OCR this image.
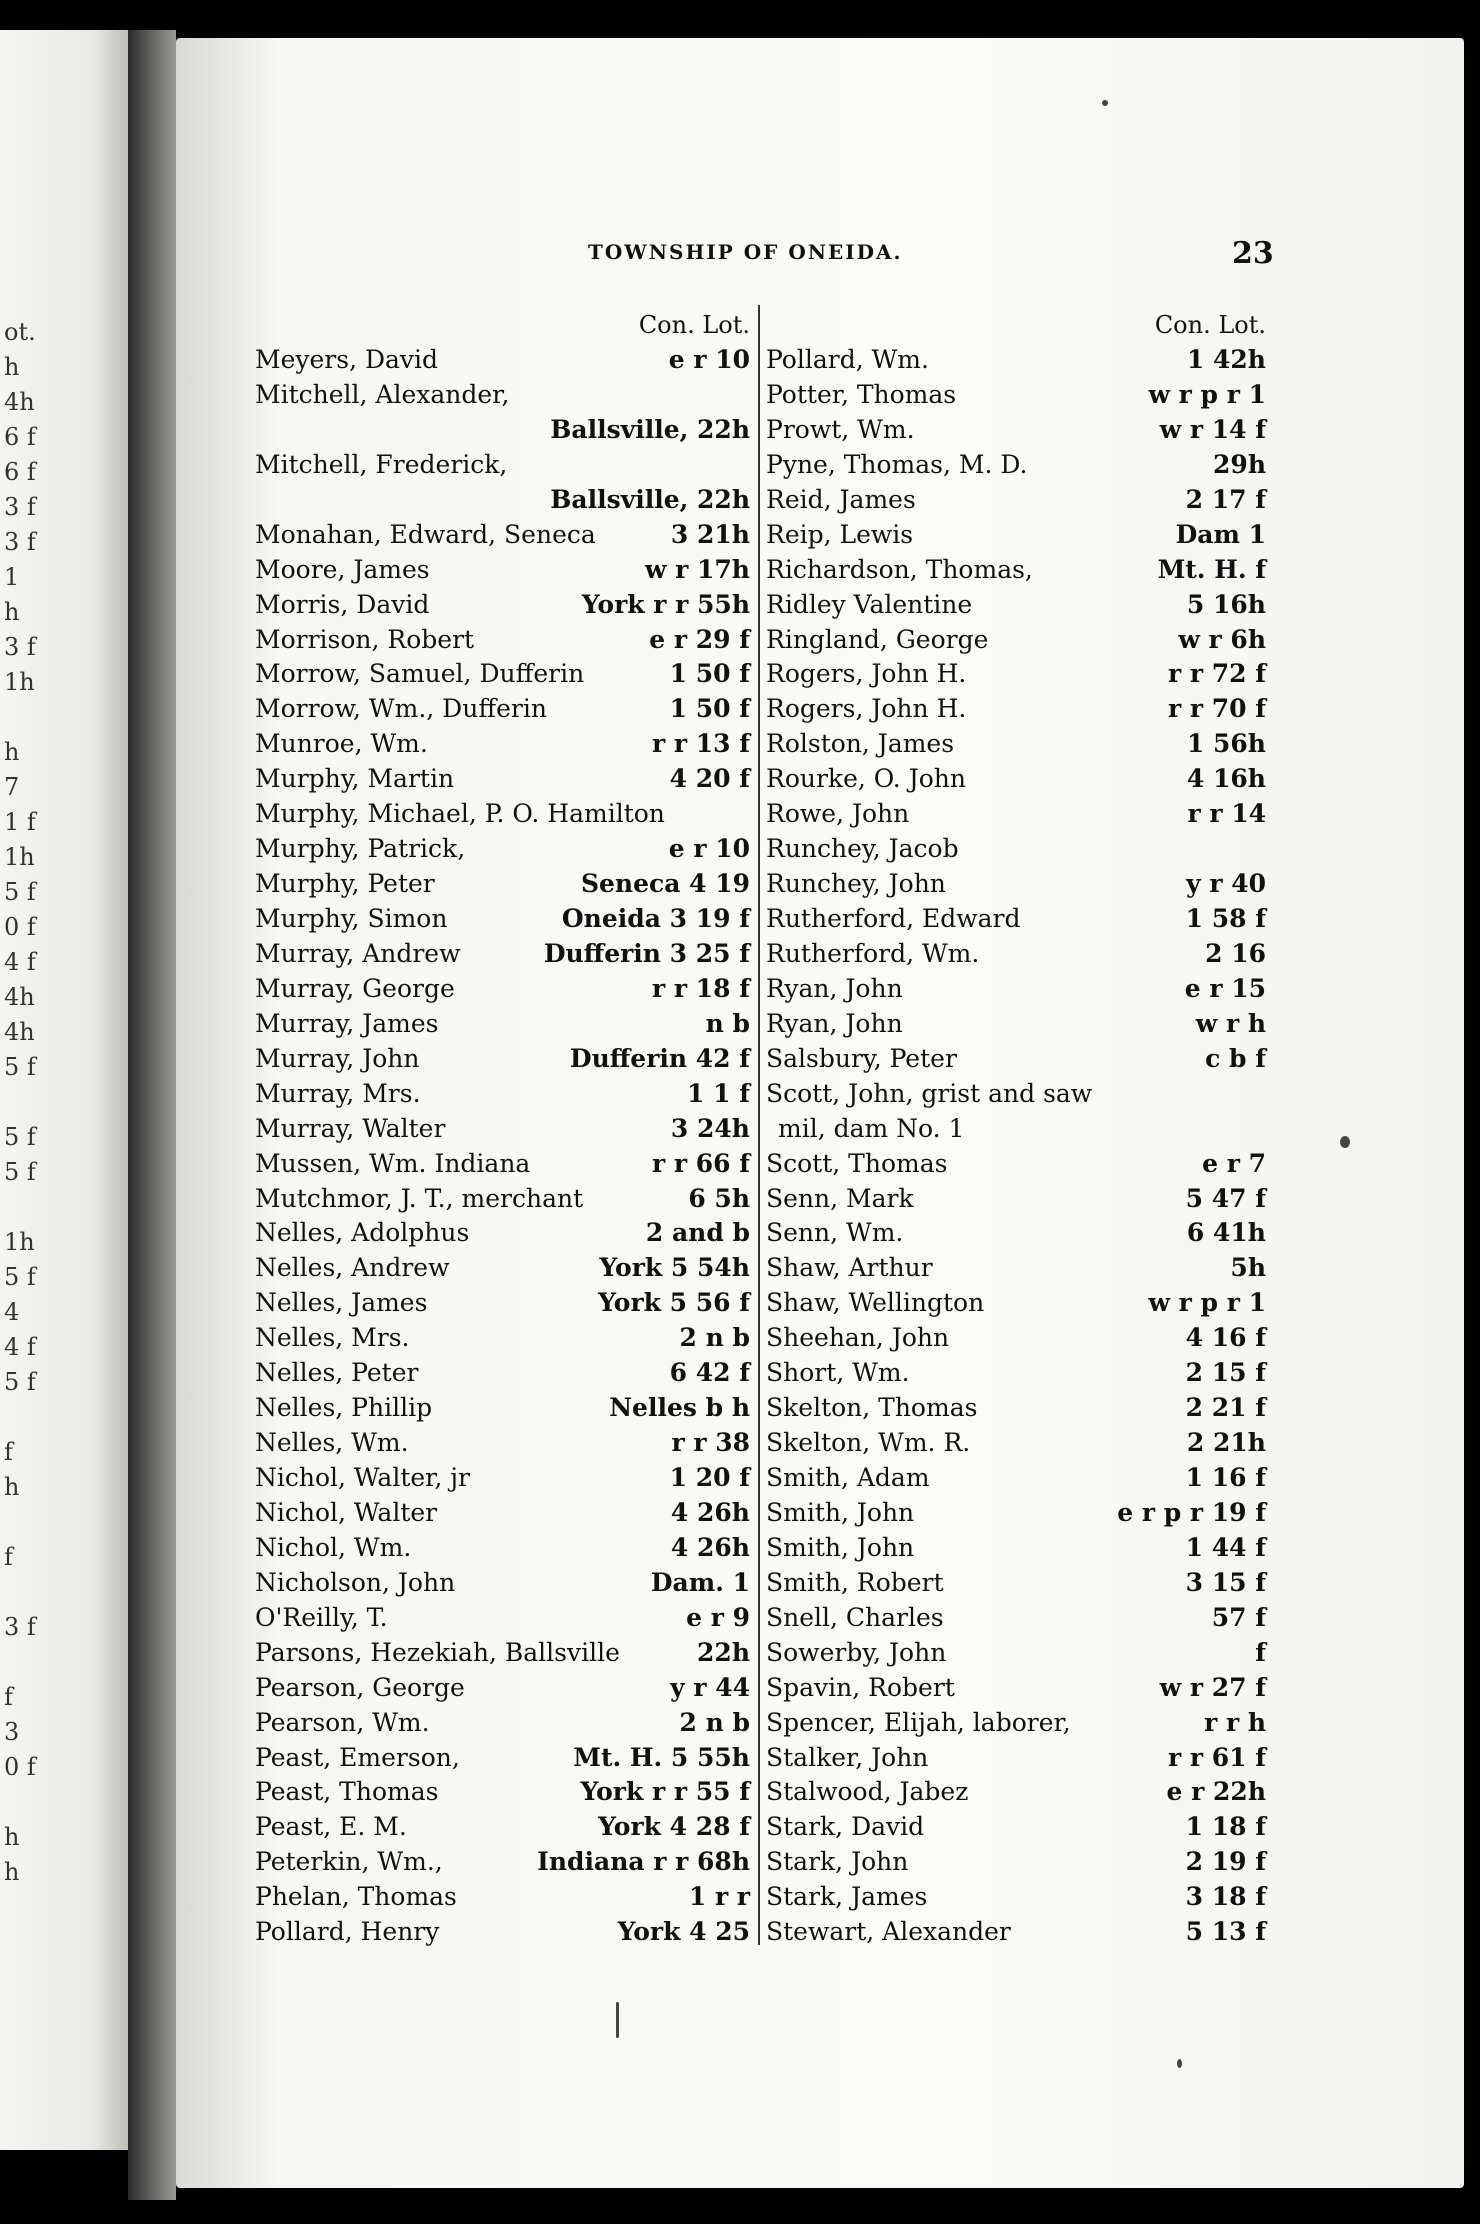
ot.
h
4h
6 f
6 f
3 f
3 f
1
h
3 f
1h
h
7
1 f
1h
5 f
0 f
4 f
4h
4h
5 f
5 f
5 f
1h
5 f
4
4 f
5 f
f
h
f
3 f
f
3
0 f
h
h
TOWNSHIP OF ONEIDA.	23
Con. Lot.
Meyers, David	e r 10
Mitchell, Alexander,
Ballsville, 22h
Mitchell, Frederick,
Ballsville, 22h
Monahan, Edward, Seneca	3 21h
Moore, James	w r 17h
Morris, David	York r r 55h
Morrison, Robert	e r 29 f
Morrow, Samuel, Dufferin	1 50 f
Morrow, Wm., Dufferin	1 50 f
Munroe, Wm.	r r 13 f
Murphy, Martin	4 20 f
Murphy, Michael, P. O. Hamilton
Murphy, Patrick,	e r 10
Murphy, Peter	Seneca 4 19
Murphy, Simon	Oneida 3 19 f
Murray, Andrew	Dufferin 3 25 f
Murray, George	r r 18 f
Murray, James	n b
Murray, John	Dufferin 42 f
Murray, Mrs.	1 1 f
Murray, Walter	3 24h
Mussen, Wm. Indiana	r r 66 f
Mutchmor, J. T., merchant	6 5h
Nelles, Adolphus	2 and b
Nelles, Andrew	York 5 54h
Nelles, James	York 5 56 f
Nelles, Mrs.	2 n b
Nelles, Peter	6 42 f
Nelles, Phillip	Nelles b h
Nelles, Wm.	r r 38
Nichol, Walter, jr	1 20 f
Nichol, Walter	4 26h
Nichol, Wm.	4 26h
Nicholson, John	Dam. 1
O'Reilly, T.	e r 9
Parsons, Hezekiah, Ballsville	22h
Pearson, George	y r 44
Pearson, Wm.	2 n b
Peast, Emerson,	Mt. H. 5 55h
Peast, Thomas	York r r 55 f
Peast, E. M.	York 4 28 f
Peterkin, Wm.,	Indiana r r 68h
Phelan, Thomas	1 r r
Pollard, Henry	York 4 25
Con. Lot.
Pollard, Wm.	1 42h
Potter, Thomas	w r p r 1
Prowt, Wm.	w r 14 f
Pyne, Thomas, M. D.	29h
Reid, James	2 17 f
Reip, Lewis	Dam 1
Richardson, Thomas,	Mt. H. f
Ridley Valentine	5 16h
Ringland, George	w r 6h
Rogers, John H.	r r 72 f
Rogers, John H.	r r 70 f
Rolston, James	1 56h
Rourke, O. John	4 16h
Rowe, John	r r 14
Runchey, Jacob
Runchey, John	y r 40
Rutherford, Edward	1 58 f
Rutherford, Wm.	2 16
Ryan, John	e r 15
Ryan, John	w r h
Salsbury, Peter	c b f
Scott, John, grist and saw
mil, dam No. 1
Scott, Thomas	e r 7
Senn, Mark	5 47 f
Senn, Wm.	6 41h
Shaw, Arthur	5h
Shaw, Wellington	w r p r 1
Sheehan, John	4 16 f
Short, Wm.	2 15 f
Skelton, Thomas	2 21 f
Skelton, Wm. R.	2 21h
Smith, Adam	1 16 f
Smith, John	e r p r 19 f
Smith, John	1 44 f
Smith, Robert	3 15 f
Snell, Charles	57 f
Sowerby, John	f
Spavin, Robert	w r 27 f
Spencer, Elijah, laborer,	r r h
Stalker, John	r r 61 f
Stalwood, Jabez	e r 22h
Stark, David	1 18 f
Stark, John	2 19 f
Stark, James	3 18 f
Stewart, Alexander	5 13 f
